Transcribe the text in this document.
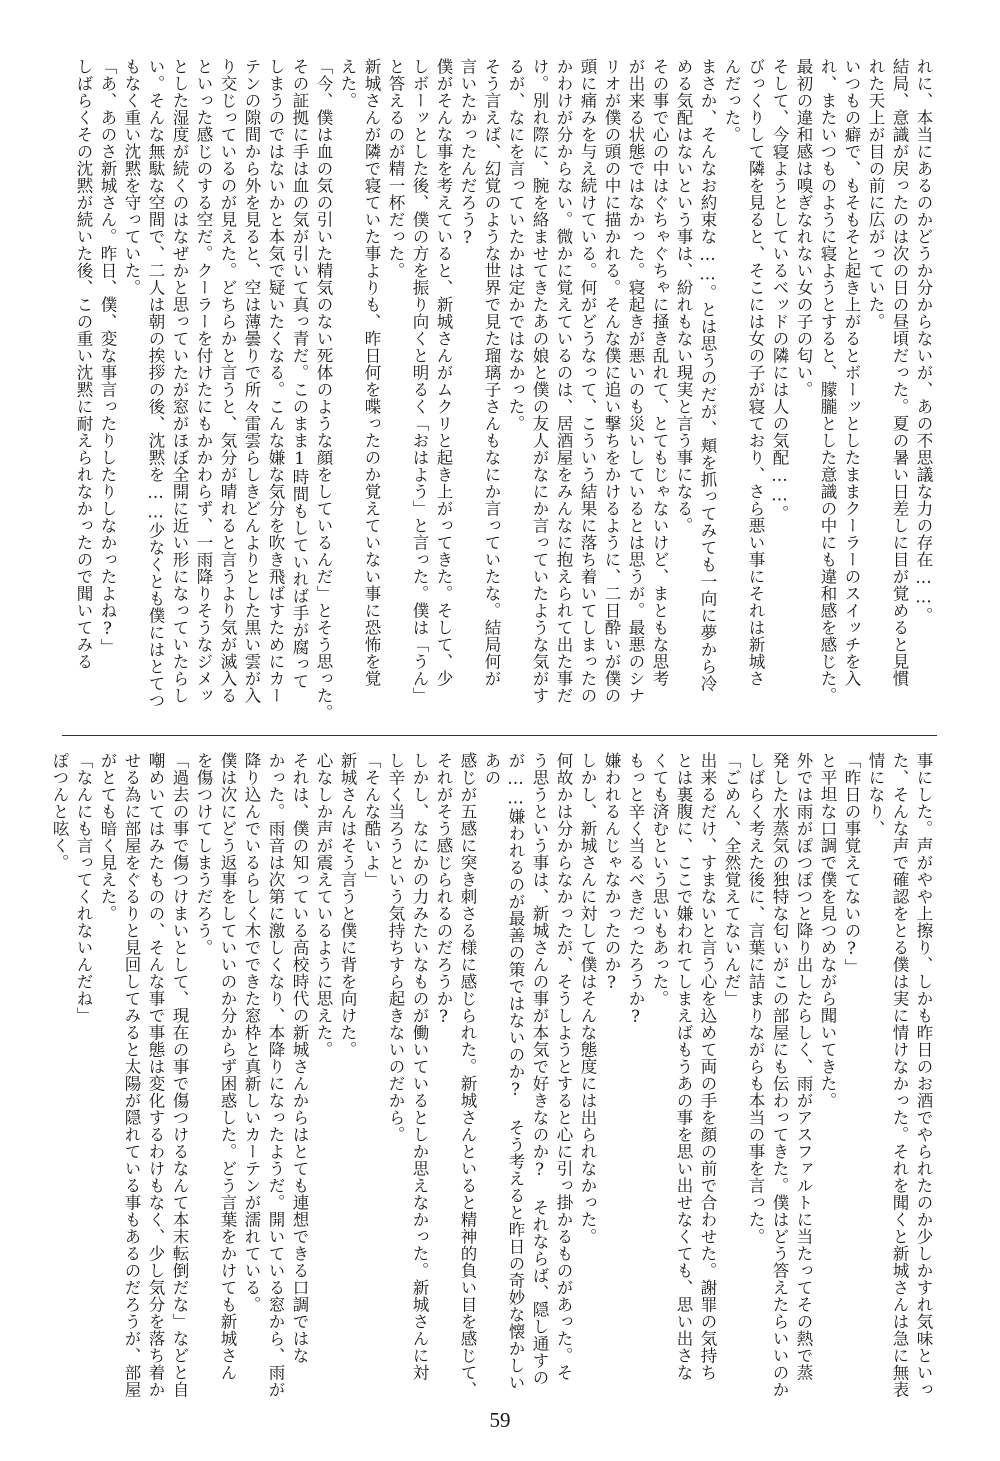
れに、本当にあるのかどうか分からないが、あの不思議な力の存在……。

結局、意識が戻ったのは次の日の昼頃だった。夏の暑い日差しに目が覚めると見慣

れた天上が目の前に広がっていた。

いつもの癖で、もそもそと起き上がるとボーッとしたままクーラーのスイッチを入

れ、またいつものように寝ようとすると、朦朧とした意識の中にも違和感を感じた。

最初の違和感は嗅ぎなれない女の子の匂い。

そして、今寝ようとしているベッドの隣には人の気配……。

びっくりして隣を見ると、そこには女の子が寝ており、さら悪い事にそれは新城さ

んだった。

まさか、そんなお約束な……。とは思うのだが、頬を抓ってみても一向に夢から冷

める気配はないという事は、紛れもない現実と言う事になる。

その事で心の中はぐちゃぐちゃに掻き乱れて、とてもじゃないけど、まともな思考

が出来る状態ではなかった。寝起きが悪いのも災いしているとは思うが。最悪のシナ

リオが僕の頭の中に描かれる。そんな僕に追い撃ちをかけるように、二日酔いが僕の

頭に痛みを与え続けている。何がどうなって、こういう結果に落ち着いてしまったの

かわけが分からない。微かに覚えているのは、居酒屋をみんなに抱えられて出た事だ

け。別れ際に、腕を絡ませてきたあの娘と僕の友人がなにか言っていたような気がす

るが、なにを言っていたかは定かではなかった。

そう言えば、幻覚のような世界で見た瑠璃子さんもなにか言っていたな。結局何が

言いたかったんだろう?

僕がそんな事を考えていると、新城さんがムクリと起き上がってきた。そして、少

しボーッとした後、僕の方を振り向くと明るく「おはよう」と言った。僕は「うん」

と答えるのが精一杯だった。

新城さんが隣で寝ていた事よりも、昨日何を喋ったのか覚えていない事に恐怖を覚

えた。

「今、僕は血の気の引いた精気のない死体のような顔をしているんだ」とそう思った。

その証拠に手は血の気が引いて真っ青だ。このまま1時間もしていれば手が腐って

しまうのではないかと本気で疑いたくなる。こんな嫌な気分を吹き飛ばすためにカー

テンの隙間から外を見ると、空は薄曇りで所々雷雲らしきどんよりとした黒い雲が入

り交じっているのが見えた。どちらかと言うと、気分が晴れると言うより気が滅入る

といった感じのする空だ。クーラーを付けたにもかかわらず、一雨降りそうなジメッ

とした湿度が続くのはなぜかと思っていたが窓がほぼ全開に近い形になっていたらし

い。そんな無駄な空間で、二人は朝の挨拶の後、沈黙を……少なくとも僕にはとてつ

もなく重い沈黙を守っていた。

「あ、あのさ新城さん。昨日、僕、変な事言ったりしたりしなかったよね?」

しばらくその沈黙が続いた後、この重い沈黙に耐えられなかったので聞いてみる

事にした。声がやや上擦り、しかも昨日のお酒でやられたのか少しかすれ気味といっ

た、そんな声で確認をとる僕は実に情けなかった。それを聞くと新城さんは急に無表

情になり、

「昨日の事覚えてないの?」

と平坦な口調で僕を見つめながら聞いてきた。

外では雨がぽつぽつと降り出したらしく、雨がアスファルトに当たってその熱で蒸

発した水蒸気の独特な匂いがこの部屋にも伝わってきた。僕はどう答えたらいいのか

しばらく考えた後に、言葉に詰まりながらも本当の事を言った。

「ごめん、全然覚えてないんだ」

出来るだけ、すまないと言う心を込めて両の手を顔の前で合わせた。謝罪の気持ち

とは裏腹に、ここで嫌われてしまえばもうあの事を思い出せなくても、思い出さな

くても済むという思いもあった。

もっと辛く当るべきだったろうか?

嫌われるんじゃなかったのか?

しかし、新城さんに対して僕はそんな態度には出られなかった。

何故かは分からなかったが、そうしようとすると心に引っ掛かるものがあった。そ

う思うという事は、新城さんの事が本気で好きなのか? それならば、隠し通すの

が……嫌われるのが最善の策ではないのか? そう考えると昨日の奇妙な懐かしいあの

感じが五感に突き刺さる様に感じられた。新城さんといると精神的負い目を感じて、

それがそう感じられるのだろうか?

しかし、なにかの力みたいなものが働いているとしか思えなかった。新城さんに対

し辛く当ろうという気持ちすら起きないのだから。

「そんな酷いよ」

新城さんはそう言うと僕に背を向けた。

心なしか声が震えているように思えた。

それは、僕の知っている高校時代の新城さんからはとても連想できる口調ではな

かった。雨音は次第に激しくなり、本降りになったようだ。開いている窓から、雨が

降り込んでいるらしく木でできた窓枠と真新しいカーテンが濡れている。

僕は次にどう返事をしていいのか分からず困惑した。どう言葉をかけても新城さん

を傷つけてしまうだろう。

「過去の事で傷つけまいとして、現在の事で傷つけるなんて本末転倒だな」などと自

嘲めいてはみたものの、そんな事で事態は変化するわけもなく、少し気分を落ち着か

せる為に部屋をぐるりと見回してみると太陽が隠れている事もあるのだろうが、部屋

がとても暗く見えた。

「なんにも言ってくれないんだね」

ぽつんと呟く。

59
